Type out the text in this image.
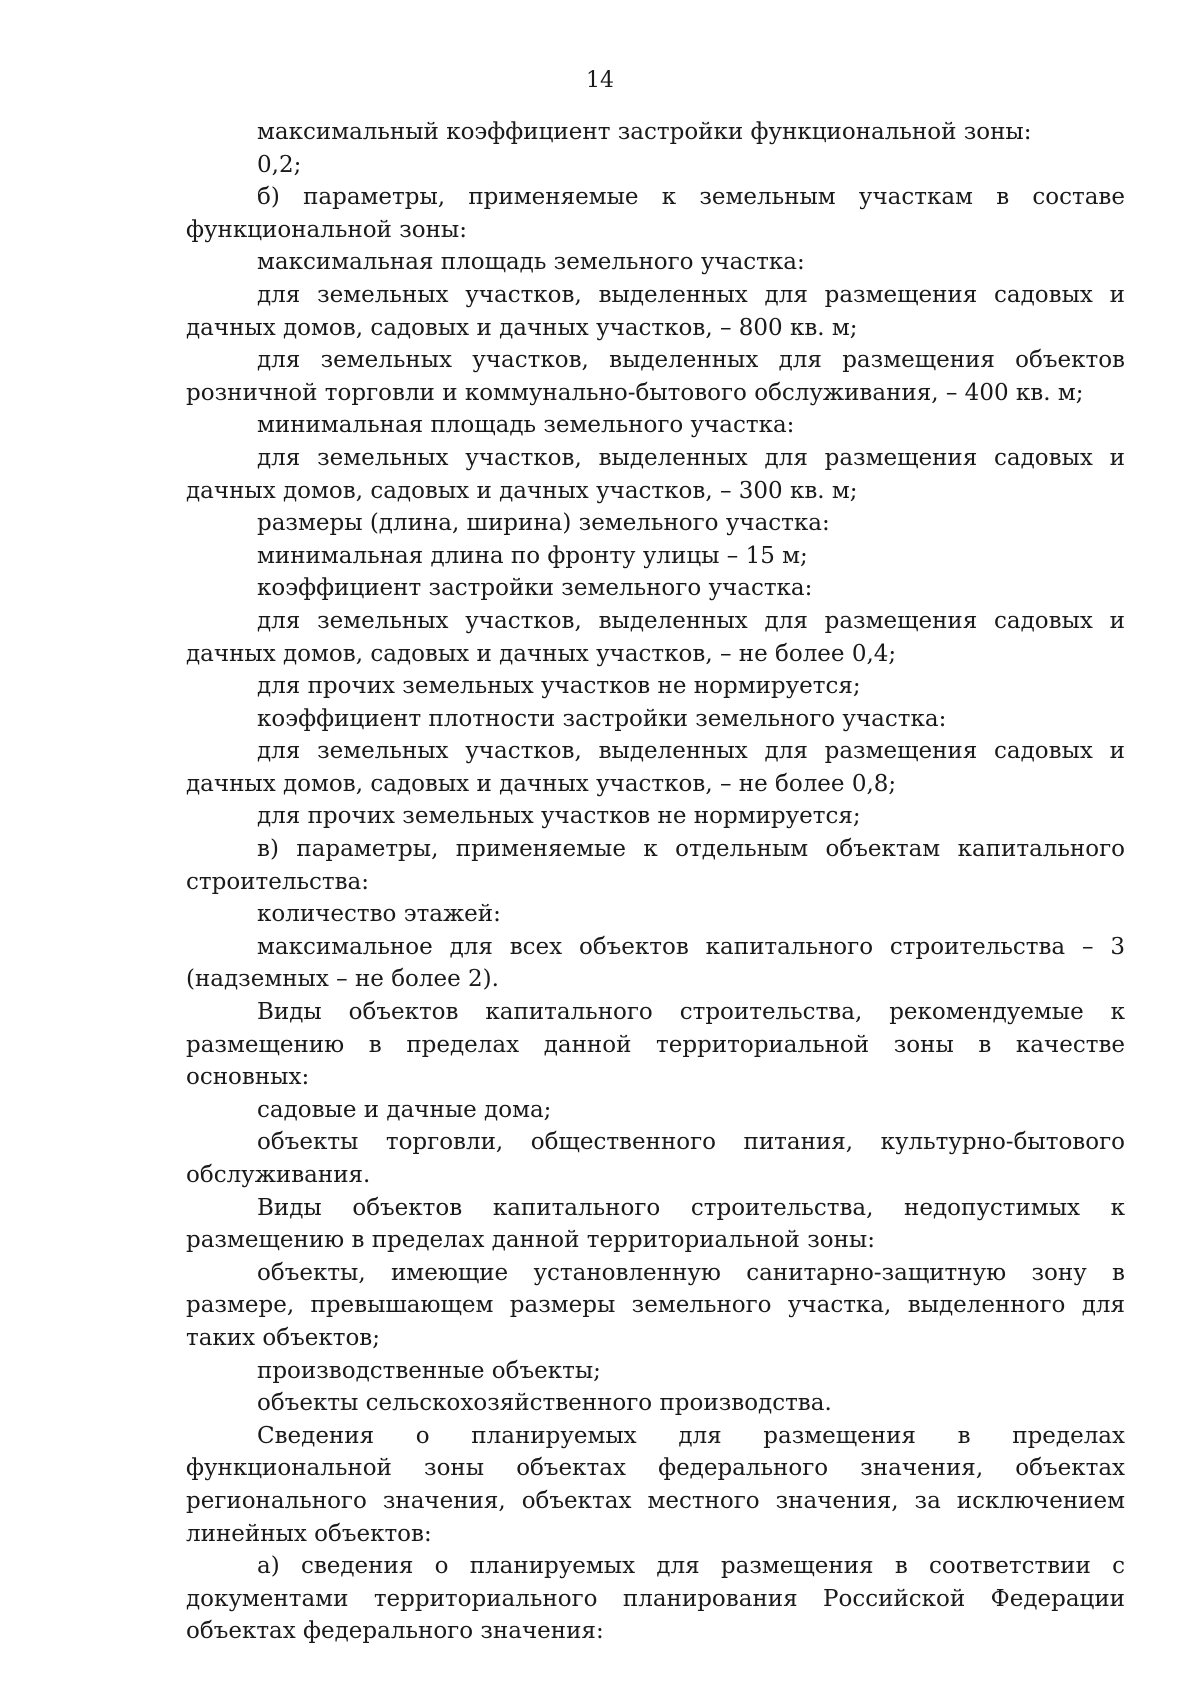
14

максимальный коэффициент застройки функциональной зоны:

0,2;

б) параметры, применяемые к земельным участкам в составе функциональной зоны:

максимальная площадь земельного участка:

для земельных участков, выделенных для размещения садовых и дачных домов, садовых и дачных участков, – 800 кв. м;

для земельных участков, выделенных для размещения объектов розничной торговли и коммунально-бытового обслуживания, – 400 кв. м;

минимальная площадь земельного участка:

для земельных участков, выделенных для размещения садовых и дачных домов, садовых и дачных участков, – 300 кв. м;

размеры (длина, ширина) земельного участка:

минимальная длина по фронту улицы – 15 м;

коэффициент застройки земельного участка:

для земельных участков, выделенных для размещения садовых и дачных домов, садовых и дачных участков, – не более 0,4;

для прочих земельных участков не нормируется;

коэффициент плотности застройки земельного участка:

для земельных участков, выделенных для размещения садовых и дачных домов, садовых и дачных участков, – не более 0,8;

для прочих земельных участков не нормируется;

в) параметры, применяемые к отдельным объектам капитального строительства:

количество этажей:

максимальное для всех объектов капитального строительства – 3 (надземных – не более 2).

Виды объектов капитального строительства, рекомендуемые к размещению в пределах данной территориальной зоны в качестве основных:

садовые и дачные дома;

объекты торговли, общественного питания, культурно-бытового обслуживания.

Виды объектов капитального строительства, недопустимых к размещению в пределах данной территориальной зоны:

объекты, имеющие установленную санитарно-защитную зону в размере, превышающем размеры земельного участка, выделенного для таких объектов;

производственные объекты;

объекты сельскохозяйственного производства.

Сведения о планируемых для размещения в пределах функциональной зоны объектах федерального значения, объектах регионального значения, объектах местного значения, за исключением линейных объектов:

а) сведения о планируемых для размещения в соответствии с документами территориального планирования Российской Федерации объектах федерального значения:
